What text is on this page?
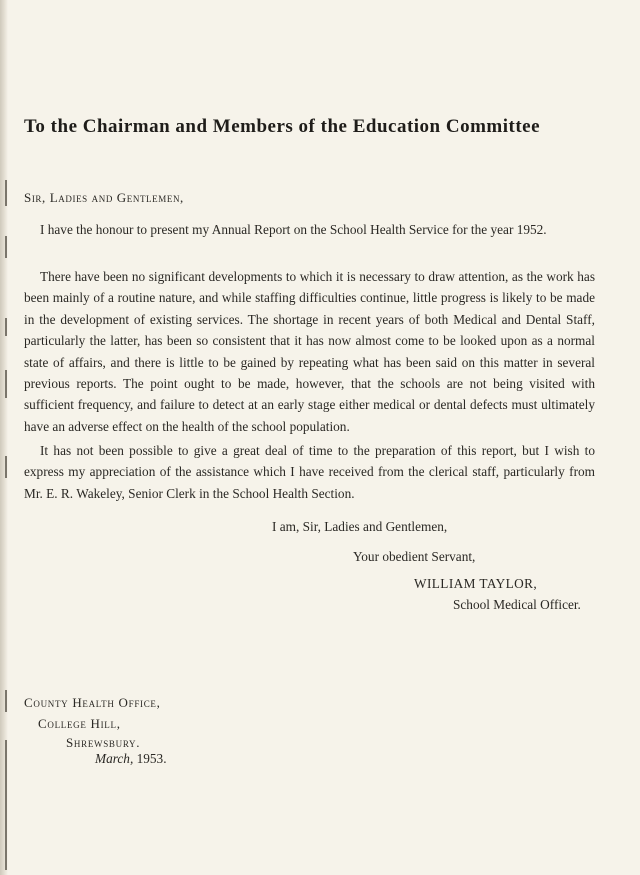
To the Chairman and Members of the Education Committee
Sir, Ladies and Gentlemen,

I have the honour to present my Annual Report on the School Health Service for the year 1952.

There have been no significant developments to which it is necessary to draw attention, as the work has been mainly of a routine nature, and while staffing difficulties continue, little progress is likely to be made in the development of existing services. The shortage in recent years of both Medical and Dental Staff, particularly the latter, has been so consistent that it has now almost come to be looked upon as a normal state of affairs, and there is little to be gained by repeating what has been said on this matter in several previous reports. The point ought to be made, however, that the schools are not being visited with sufficient frequency, and failure to detect at an early stage either medical or dental defects must ultimately have an adverse effect on the health of the school population.

It has not been possible to give a great deal of time to the preparation of this report, but I wish to express my appreciation of the assistance which I have received from the clerical staff, particularly from Mr. E. R. Wakeley, Senior Clerk in the School Health Section.

I am, Sir, Ladies and Gentlemen,
Your obedient Servant,
WILLIAM TAYLOR,
School Medical Officer.
County Health Office,
College Hill,
Shrewsbury.
March, 1953.
